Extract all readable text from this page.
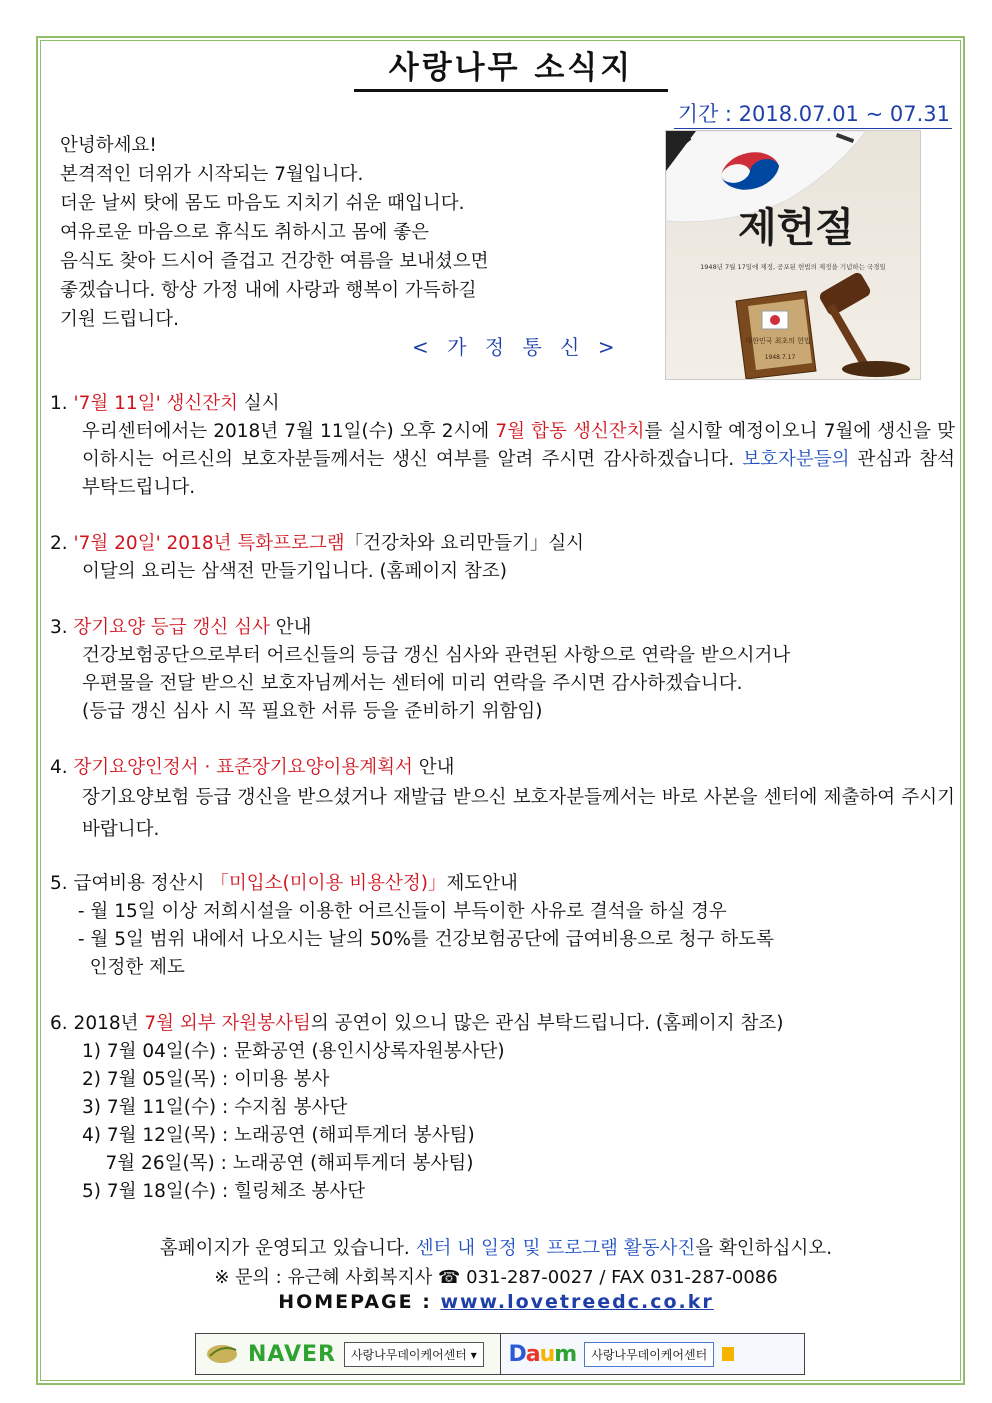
사랑나무 소식지
기간 : 2018.07.01 ~ 07.31
안녕하세요!
본격적인 더위가 시작되는 7월입니다.
더운 날씨 탓에 몸도 마음도 지치기 쉬운 때입니다.
여유로운 마음으로 휴식도 취하시고 몸에 좋은
음식도 찾아 드시어 즐겁고 건강한 여름을 보내셨으면
좋겠습니다. 항상 가정 내에 사랑과 행복이 가득하길
기원 드립니다.
< 가 정 통 신 >
제헌절
1948년 7월 17일에 제정, 공포된 헌법의 제정을 기념하는 국경일
대한민국 최초의 헌법
1948.7.17
1. '7월 11일' 생신잔치 실시
우리센터에서는 2018년 7월 11일(수) 오후 2시에 7월 합동 생신잔치를 실시할 예정이오니 7월에 생신을 맞이하시는 어르신의 보호자분들께서는 생신 여부를 알려 주시면 감사하겠습니다. 보호자분들의 관심과 참석 부탁드립니다.
2. '7월 20일' 2018년 특화프로그램「건강차와 요리만들기」실시
이달의 요리는 삼색전 만들기입니다. (홈페이지 참조)
3. 장기요양 등급 갱신 심사 안내
건강보험공단으로부터 어르신들의 등급 갱신 심사와 관련된 사항으로 연락을 받으시거나
우편물을 전달 받으신 보호자님께서는 센터에 미리 연락을 주시면 감사하겠습니다.
(등급 갱신 심사 시 꼭 필요한 서류 등을 준비하기 위함임)
4. 장기요양인정서 · 표준장기요양이용계획서 안내
장기요양보험 등급 갱신을 받으셨거나 재발급 받으신 보호자분들께서는 바로 사본을 센터에 제출하여 주시기 바랍니다.
5. 급여비용 정산시 「미입소(미이용 비용산정)」제도안내
- 월 15일 이상 저희시설을 이용한 어르신들이 부득이한 사유로 결석을 하실 경우
- 월 5일 범위 내에서 나오시는 날의 50%를 건강보험공단에 급여비용으로 청구 하도록
인정한 제도
6. 2018년 7월 외부 자원봉사팀의 공연이 있으니 많은 관심 부탁드립니다. (홈페이지 참조)
1) 7월 04일(수) : 문화공연 (용인시상록자원봉사단)
2) 7월 05일(목) : 이미용 봉사
3) 7월 11일(수) : 수지침 봉사단
4) 7월 12일(목) : 노래공연 (해피투게더 봉사팀)
7월 26일(목) : 노래공연 (해피투게더 봉사팀)
5) 7월 18일(수) : 힐링체조 봉사단
홈페이지가 운영되고 있습니다. 센터 내 일정 및 프로그램 활동사진을 확인하십시오.
※ 문의 : 유근혜 사회복지사 ☎ 031-287-0027 / FAX 031-287-0086
HOMEPAGE : www.lovetreedc.co.kr
NAVER	사랑나무데이케어센터 ▾	Daum	사랑나무데이케어센터
